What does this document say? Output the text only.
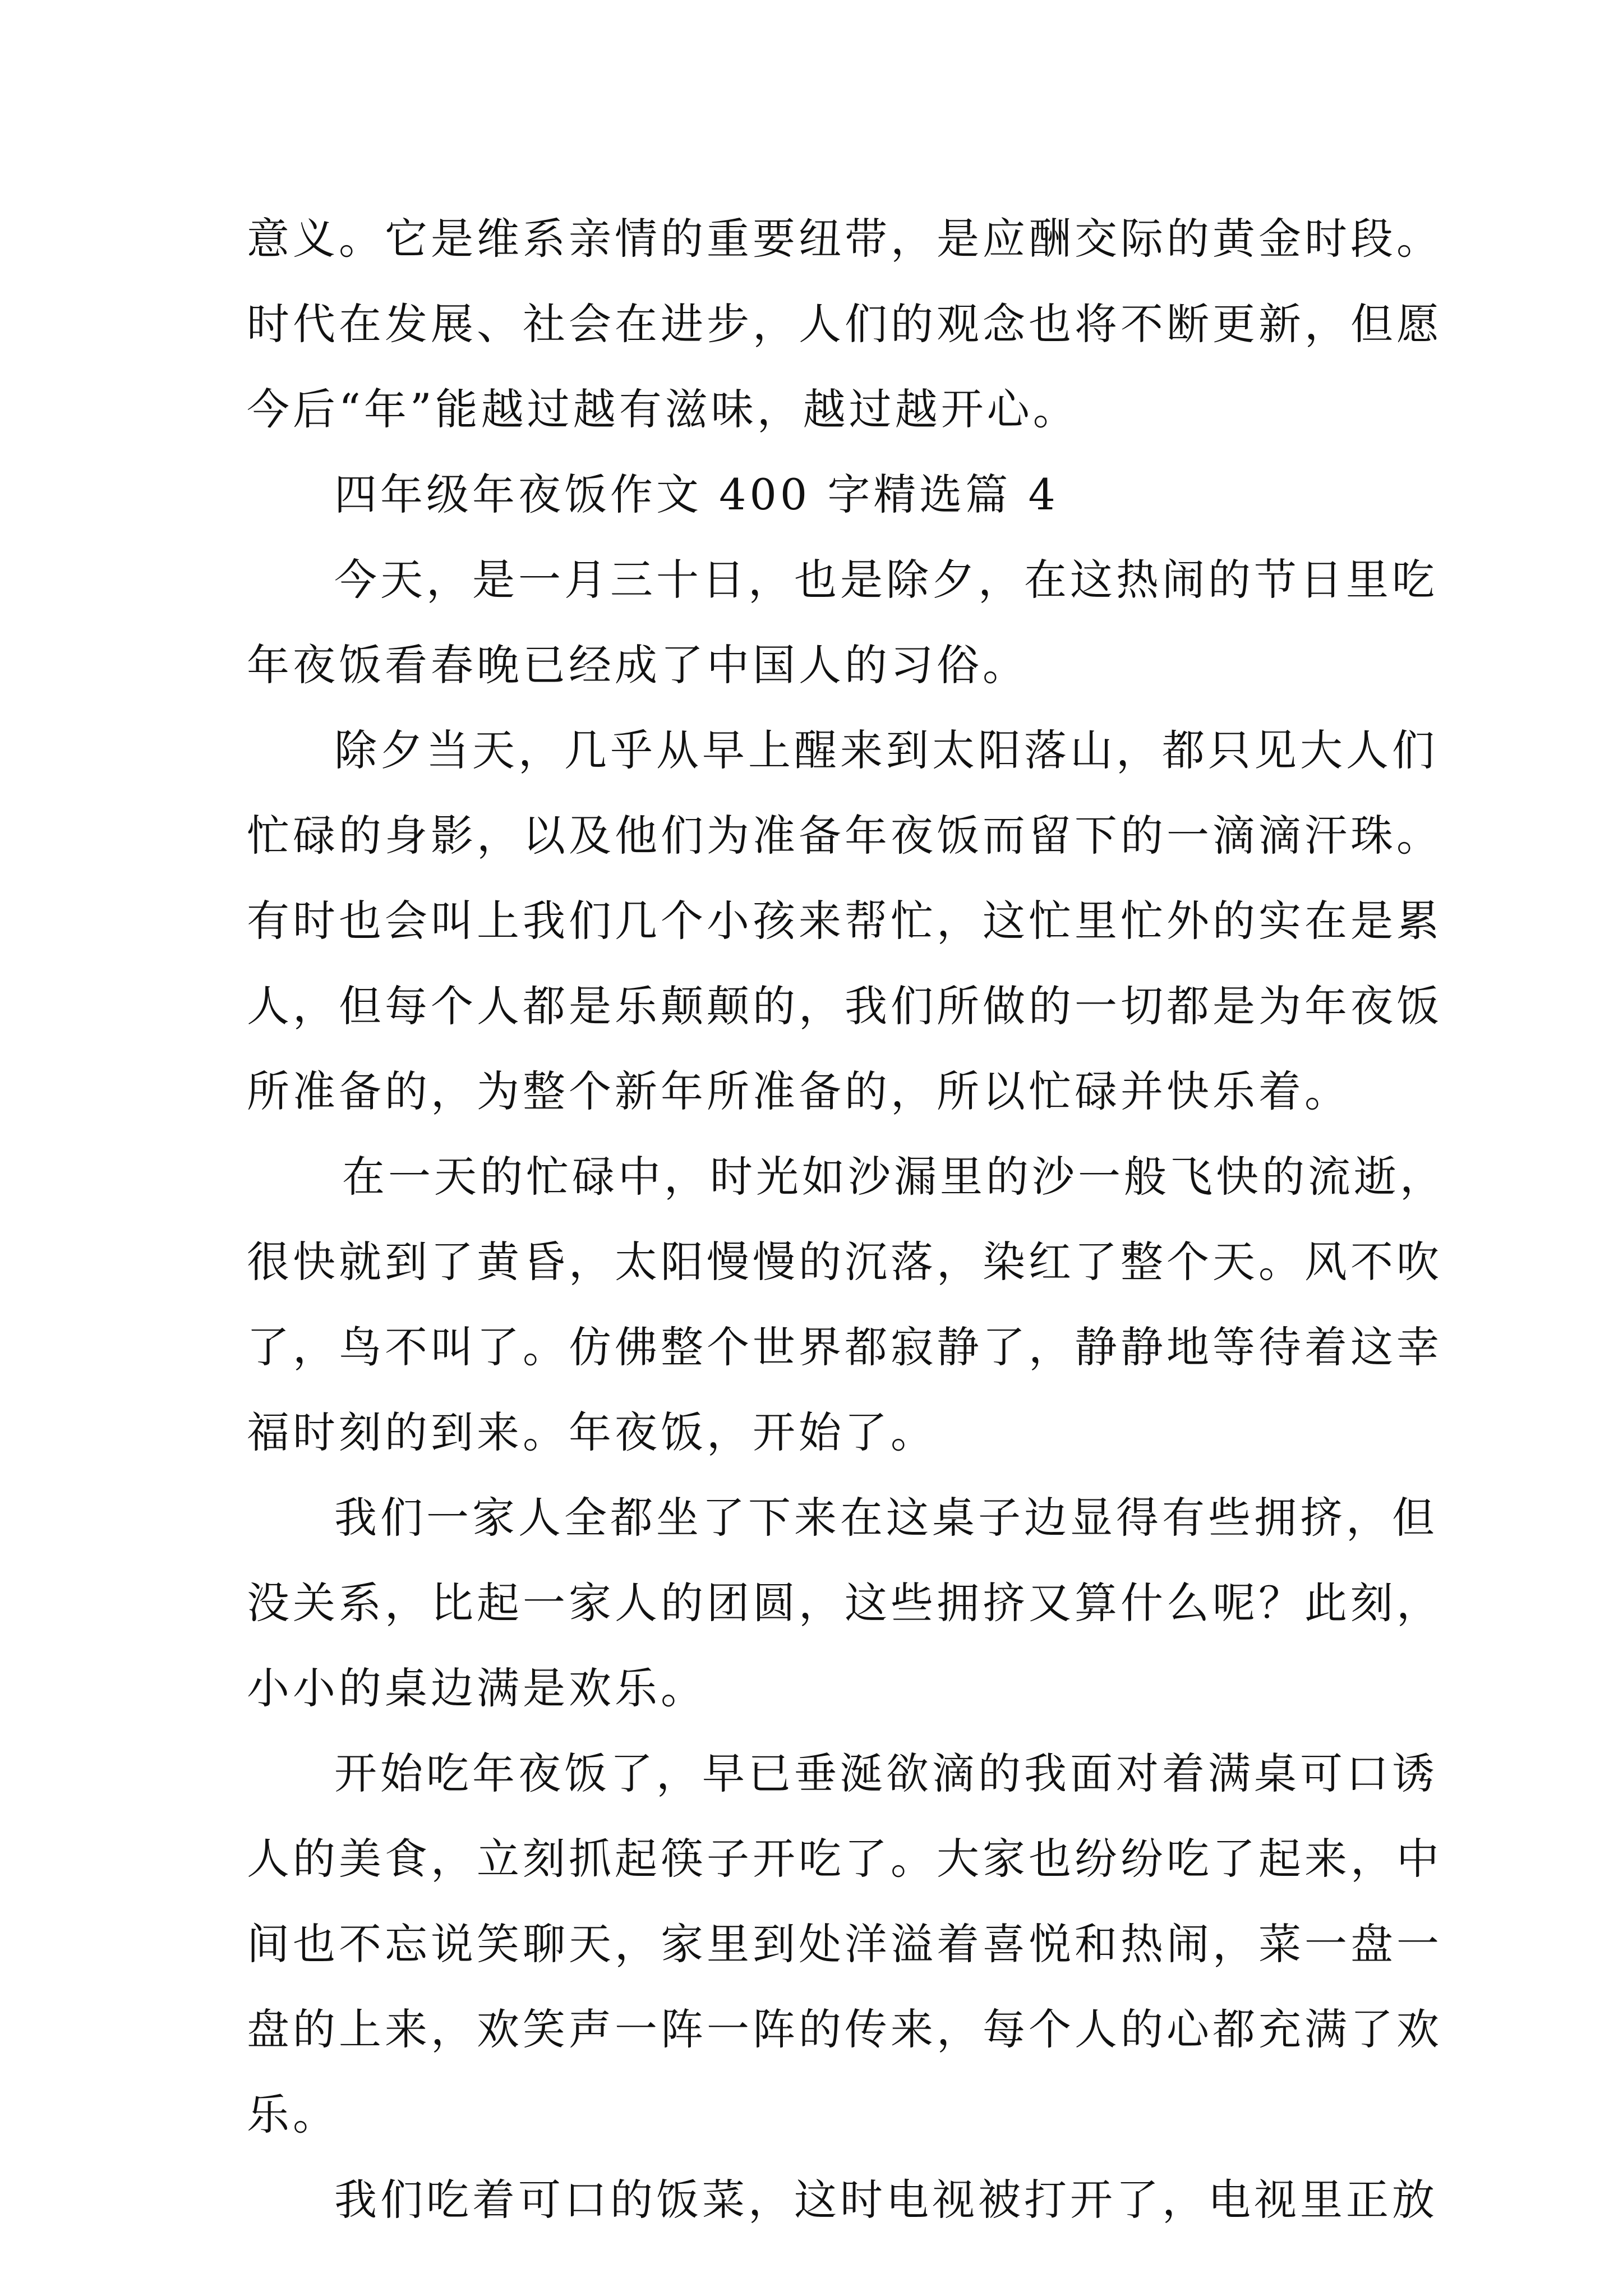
意义。它是维系亲情的重要纽带，是应酬交际的黄金时段。
时代在发展、社会在进步，人们的观念也将不断更新，但愿
今后“年”能越过越有滋味，越过越开心。
四年级年夜饭作文 400 字精选篇 4
今天，是一月三十日，也是除夕，在这热闹的节日里吃
年夜饭看春晚已经成了中国人的习俗。
除夕当天，几乎从早上醒来到太阳落山，都只见大人们
忙碌的身影，以及他们为准备年夜饭而留下的一滴滴汗珠。
有时也会叫上我们几个小孩来帮忙，这忙里忙外的实在是累
人，但每个人都是乐颠颠的，我们所做的一切都是为年夜饭
所准备的，为整个新年所准备的，所以忙碌并快乐着。
在一天的忙碌中，时光如沙漏里的沙一般飞快的流逝，
很快就到了黄昏，太阳慢慢的沉落，染红了整个天。风不吹
了，鸟不叫了。仿佛整个世界都寂静了，静静地等待着这幸
福时刻的到来。年夜饭，开始了。
我们一家人全都坐了下来在这桌子边显得有些拥挤，但
没关系，比起一家人的团圆，这些拥挤又算什么呢？此刻，
小小的桌边满是欢乐。
开始吃年夜饭了，早已垂涎欲滴的我面对着满桌可口诱
人的美食，立刻抓起筷子开吃了。大家也纷纷吃了起来，中
间也不忘说笑聊天，家里到处洋溢着喜悦和热闹，菜一盘一
盘的上来，欢笑声一阵一阵的传来，每个人的心都充满了欢
乐。
我们吃着可口的饭菜，这时电视被打开了，电视里正放
